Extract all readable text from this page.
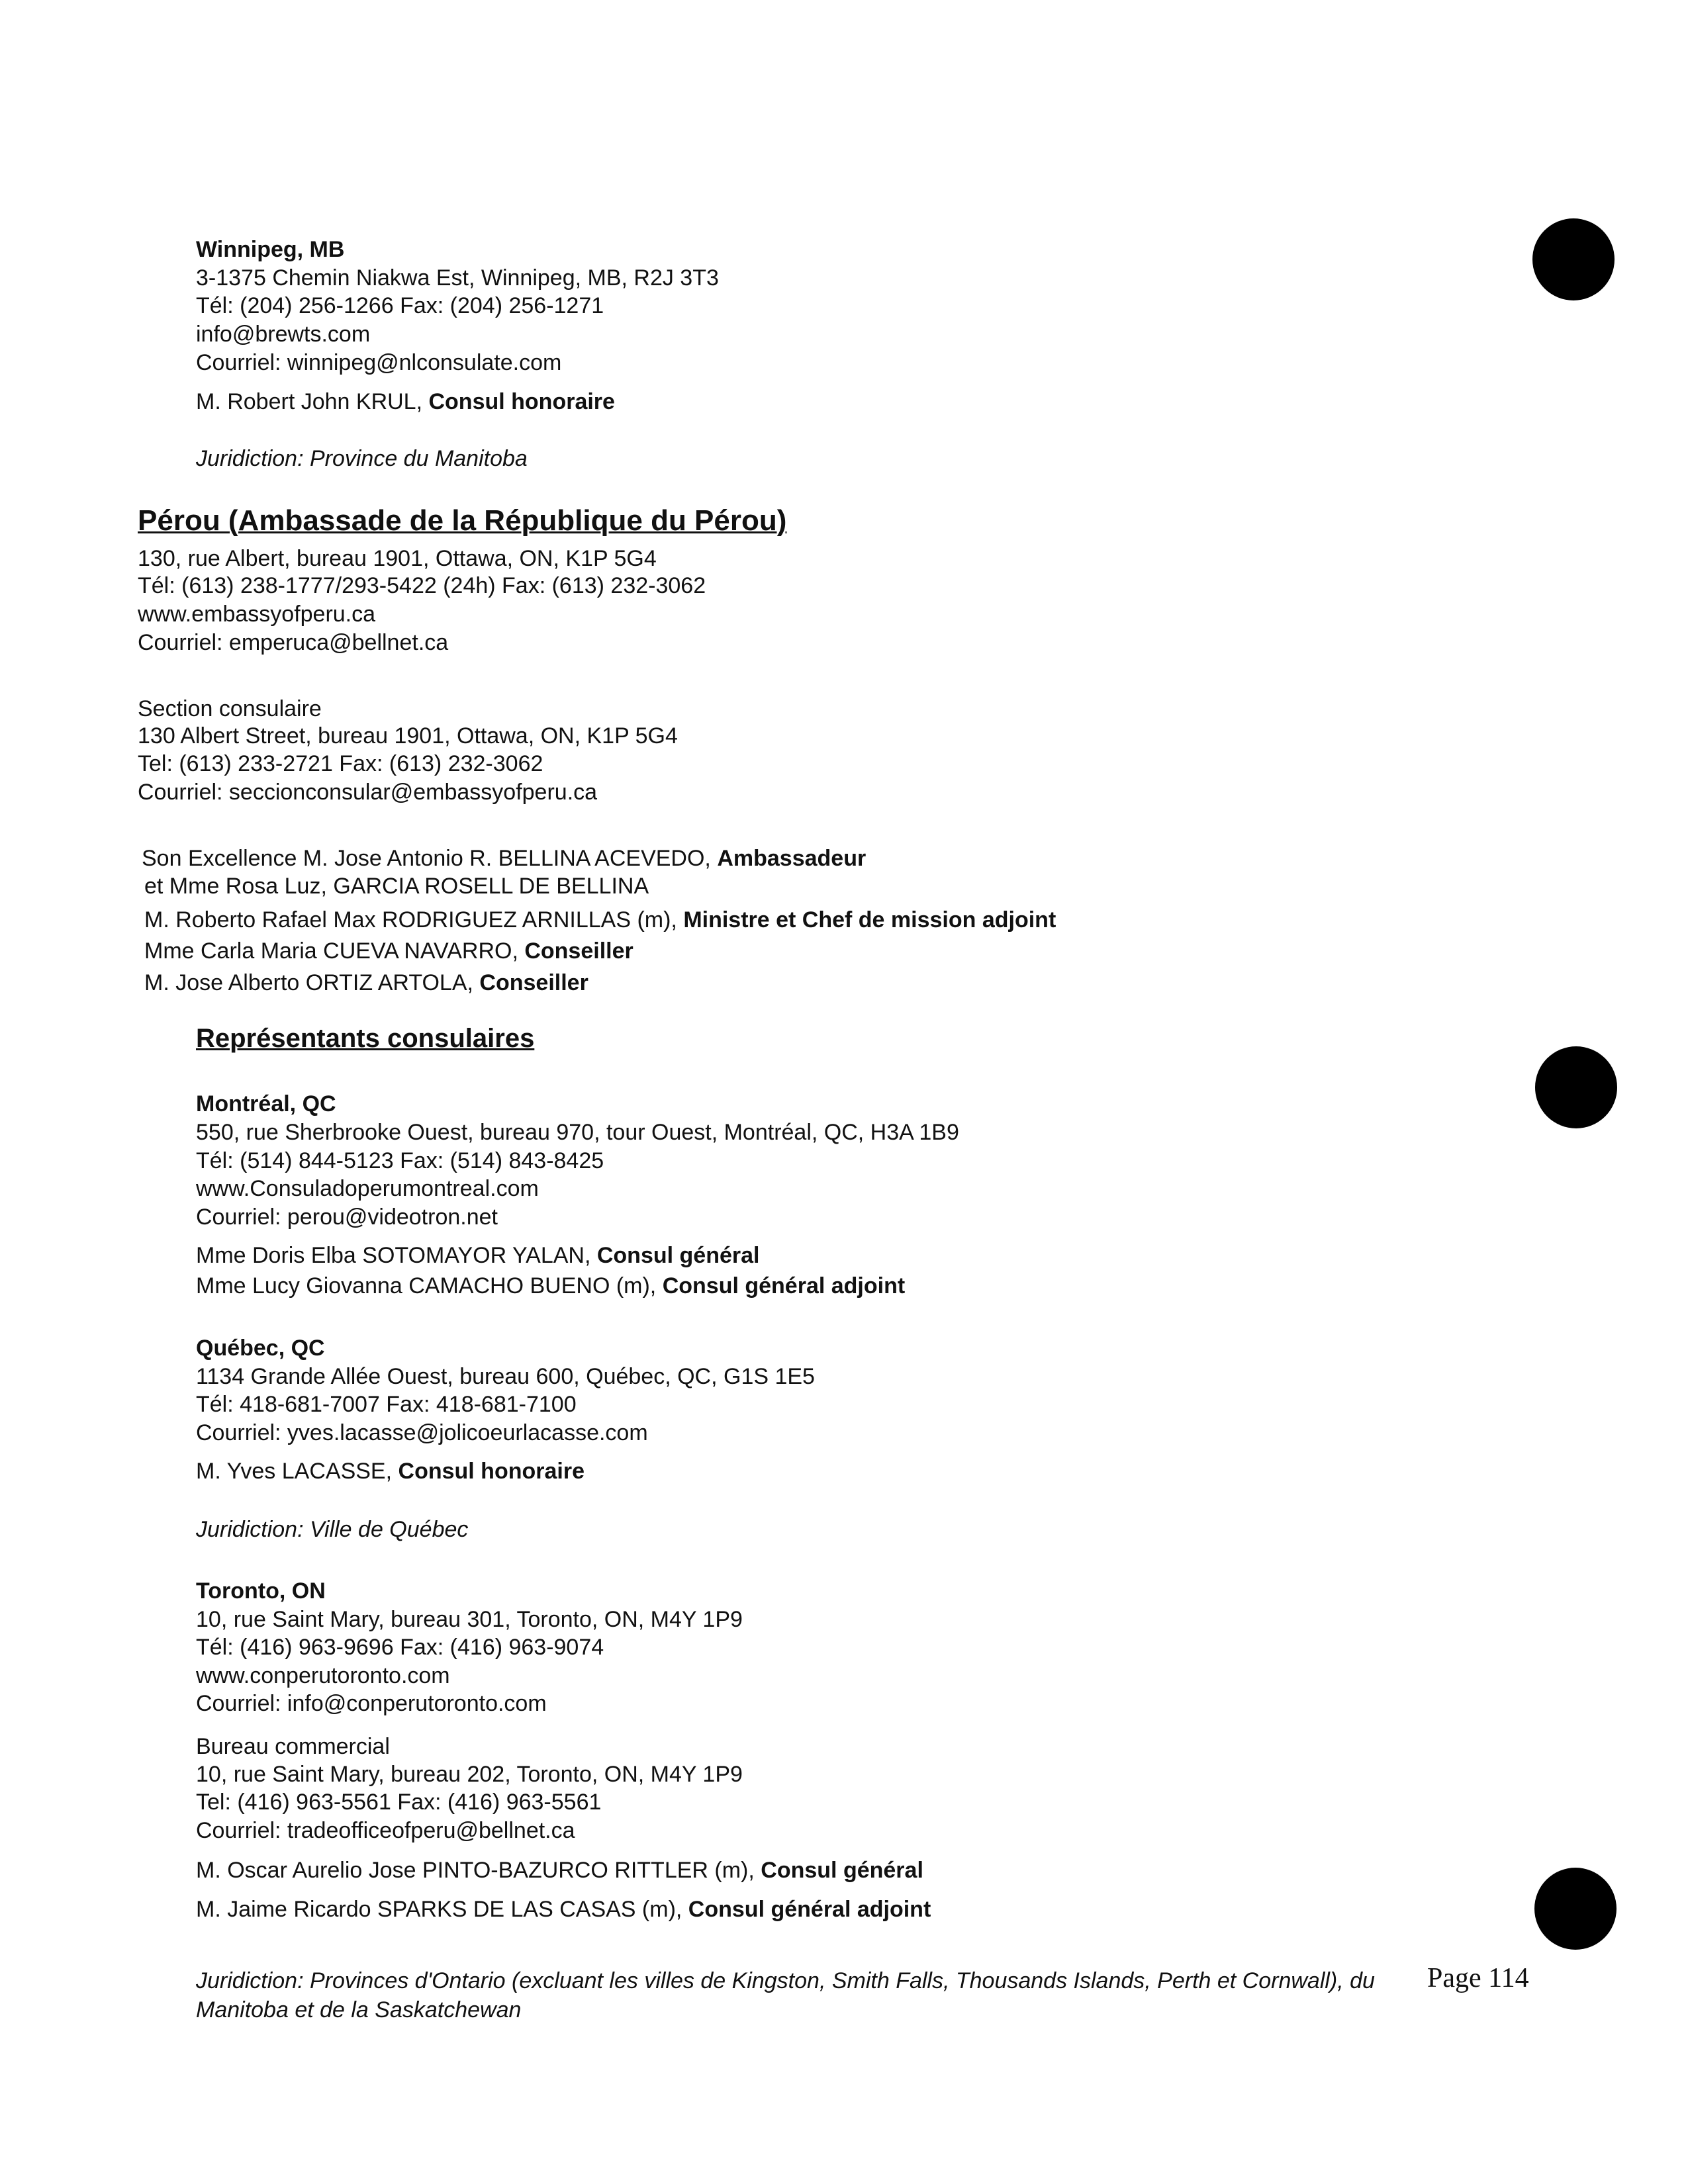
Winnipeg, MB
3-1375 Chemin Niakwa Est, Winnipeg, MB, R2J 3T3
Tél: (204) 256-1266 Fax: (204) 256-1271
info@brewts.com
Courriel: winnipeg@nlconsulate.com
M. Robert John KRUL, Consul honoraire
Juridiction: Province du Manitoba
Pérou (Ambassade de la République du Pérou)
130, rue Albert, bureau 1901, Ottawa, ON, K1P 5G4
Tél: (613) 238-1777/293-5422 (24h) Fax: (613) 232-3062
www.embassyofperu.ca
Courriel: emperuca@bellnet.ca
Section consulaire
130 Albert Street, bureau 1901, Ottawa, ON, K1P 5G4
Tel: (613) 233-2721 Fax: (613) 232-3062
Courriel: seccionconsular@embassyofperu.ca
Son Excellence M. Jose Antonio R. BELLINA ACEVEDO, Ambassadeur
et Mme Rosa Luz, GARCIA ROSELL DE BELLINA
M. Roberto Rafael Max RODRIGUEZ ARNILLAS (m), Ministre et Chef de mission adjoint
Mme Carla Maria CUEVA NAVARRO, Conseiller
M. Jose Alberto ORTIZ ARTOLA, Conseiller
Représentants consulaires
Montréal, QC
550, rue Sherbrooke Ouest, bureau 970, tour Ouest, Montréal, QC, H3A 1B9
Tél: (514) 844-5123 Fax: (514) 843-8425
www.Consuladoperumontreal.com
Courriel: perou@videotron.net
Mme Doris Elba SOTOMAYOR YALAN, Consul général
Mme Lucy Giovanna CAMACHO BUENO (m), Consul général adjoint
Québec, QC
1134 Grande Allée Ouest, bureau 600, Québec, QC, G1S 1E5
Tél: 418-681-7007 Fax: 418-681-7100
Courriel: yves.lacasse@jolicoeurlacasse.com
M. Yves LACASSE, Consul honoraire
Juridiction: Ville de Québec
Toronto, ON
10, rue Saint Mary, bureau 301, Toronto, ON, M4Y 1P9
Tél: (416) 963-9696 Fax: (416) 963-9074
www.conperutoronto.com
Courriel: info@conperutoronto.com
Bureau commercial
10, rue Saint Mary, bureau 202, Toronto, ON, M4Y 1P9
Tel: (416) 963-5561 Fax: (416) 963-5561
Courriel: tradeofficeofperu@bellnet.ca
M. Oscar Aurelio Jose PINTO-BAZURCO RITTLER (m), Consul général
M. Jaime Ricardo SPARKS DE LAS CASAS (m), Consul général adjoint
Juridiction: Provinces d'Ontario (excluant les villes de Kingston, Smith Falls, Thousands Islands, Perth et Cornwall), du
Manitoba et de la Saskatchewan
Page 114
